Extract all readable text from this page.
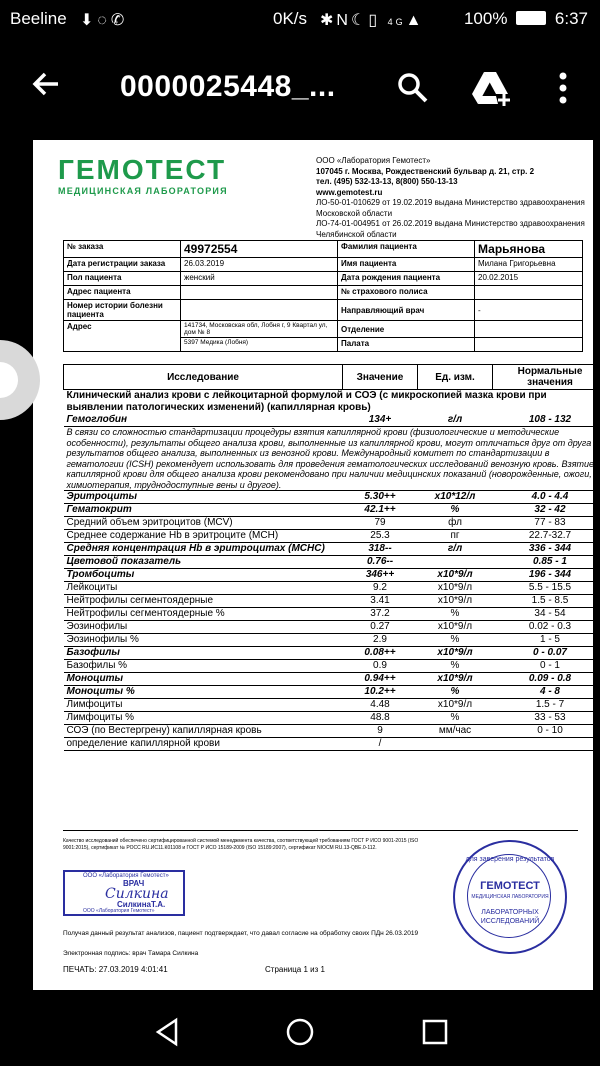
Beeline ⬇◌✆	0K/s ✱N☾▯ 4G▲ 100%	6:37
0000025448_...
ГЕМОТЕСТ
МЕДИЦИНСКАЯ ЛАБОРАТОРИЯ
ООО «Лаборатория Гемотест»
107045 г. Москва, Рождественский бульвар д. 21, стр. 2
тел. (495) 532-13-13, 8(800) 550-13-13
www.gemotest.ru
ЛО-50-01-010629 от 19.02.2019 выдана Министерство здравоохранения Московской области
ЛО-74-01-004951 от 26.02.2019 выдана Министерство здравоохранения Челябинской области
№ заказа	49972554	Фамилия пациента	Марьянова
Дата регистрации заказа	26.03.2019	Имя пациента	Милана Григорьевна
Пол пациента	женский	Дата рождения пациента	20.02.2015
Адрес пациента		№ страхового полиса	
Номер истории болезни пациента		Направляющий врач	-
Адрес	141734, Московская обл, Лобня г, 9 Квартал ул, дом № 8	Отделение	
	5397 Медика (Лобня)	Палата	
Исследование	Значение	Ед. изм.	Нормальные значения
Клинический анализ крови с лейкоцитарной формулой и СОЭ (с микроскопией мазка крови при выявлении патологических изменений) (капиллярная кровь)			
Гемоглобин	134+	г/л	108 - 132
В связи со сложностью стандартизации процедуры взятия капиллярной крови (физиологические и методические особенности), результаты общего анализа крови, выполненные из капиллярной крови, могут отличаться друг от друга и результатов общего анализа, выполненных из венозной крови. Международный комитет по стандартизации в гематологии (ICSH) рекомендует использовать для проведения гематологических исследований венозную кровь. Взятие капиллярной крови для общего анализа крови рекомендовано при наличии медицинских показаний (новорожденные, ожоги, химиотерапия, труднодоступные вены и другое).			
Эритроциты	5.30++	x10*12/л	4.0 - 4.4
Гематокрит	42.1++	%	32 - 42
Средний объем эритроцитов (MCV)	79	фл	77 - 83
Среднее содержание Hb в эритроците (MCH)	25.3	пг	22.7-32.7
Средняя концентрация Hb в эритроцитах (MCHC)	318--	г/л	336 - 344
Цветовой показатель	0.76--		0.85 - 1
Тромбоциты	346++	x10*9/л	196 - 344
Лейкоциты	9.2	x10*9/л	5.5 - 15.5
Нейтрофилы сегментоядерные	3.41	x10*9/л	1.5 - 8.5
Нейтрофилы сегментоядерные %	37.2	%	34 - 54
Эозинофилы	0.27	x10*9/л	0.02 - 0.3
Эозинофилы %	2.9	%	1 - 5
Базофилы	0.08++	x10*9/л	0 - 0.07
Базофилы %	0.9	%	0 - 1
Моноциты	0.94++	x10*9/л	0.09 - 0.8
Моноциты %	10.2++	%	4 - 8
Лимфоциты	4.48	x10*9/л	1.5 - 7
Лимфоциты %	48.8	%	33 - 53
СОЭ (по Вестергрену) капиллярная кровь	9	мм/час	0 - 10
определение капиллярной крови	/		
Качество исследований обеспечено сертифицированной системой менеджмента качества, соответствующей требованиям ГОСТ Р ИСО 9001-2015 (ISO 9001:2015), сертификат № РОСС RU.ИС11.К01108 и ГОСТ Р ИСО 15189-2009 (ISO 15189:2007), сертификат NIOCM RU.13-QBE.0-112.
ООО «Лаборатория Гемотест»
ВРАЧ
Силкина
СилкинаТ.А.
ООО «Лаборатория Гемотест»
для заверения результатов
ГЕМОТЕСТ
МЕДИЦИНСКАЯ ЛАБОРАТОРИЯ
ЛАБОРАТОРНЫХ ИССЛЕДОВАНИЙ
Получая данный результат анализов, пациент подтверждает, что давал согласие на обработку своих ПДн 26.03.2019
Электронная подпись: врач Тамара Силкина
ПЕЧАТЬ: 27.03.2019 4:01:41	Страница 1 из 1
